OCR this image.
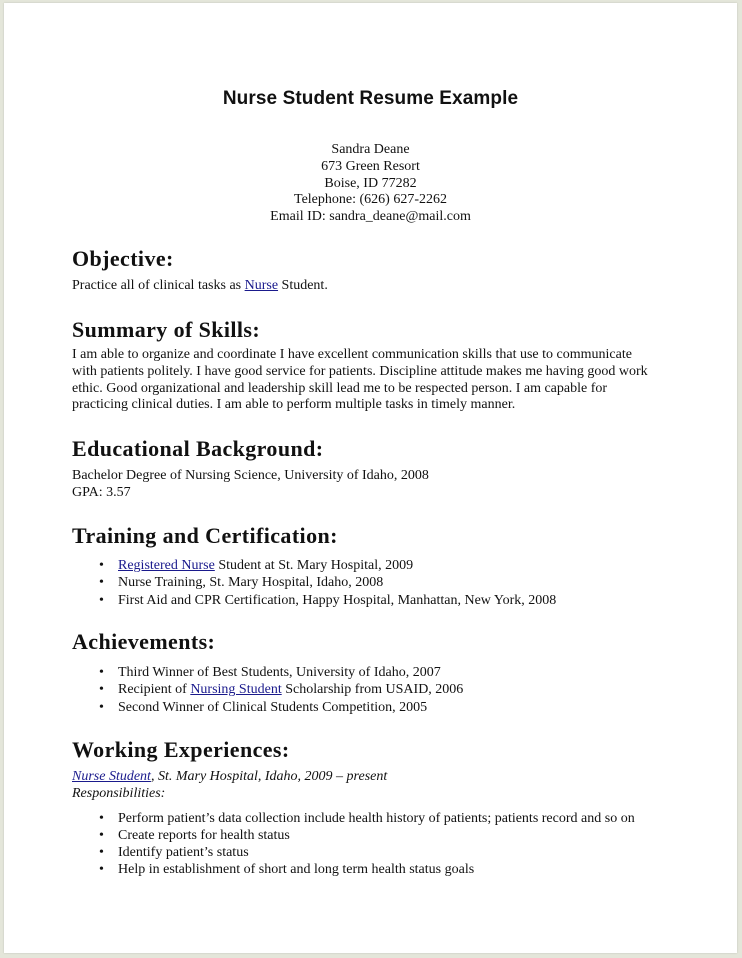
Nurse Student Resume Example
Sandra Deane
673 Green Resort
Boise, ID 77282
Telephone: (626) 627-2262
Email ID: sandra_deane@mail.com
Objective:
Practice all of clinical tasks as Nurse Student.
Summary of Skills:
I am able to organize and coordinate I have excellent communication skills that use to communicate
with patients politely. I have good service for patients. Discipline attitude makes me having good work
ethic. Good organizational and leadership skill lead me to be respected person. I am capable for
practicing clinical duties. I am able to perform multiple tasks in timely manner.
Educational Background:
Bachelor Degree of Nursing Science, University of Idaho, 2008
GPA: 3.57
Training and Certification:
• Registered Nurse Student at St. Mary Hospital, 2009
• Nurse Training, St. Mary Hospital, Idaho, 2008
• First Aid and CPR Certification, Happy Hospital, Manhattan, New York, 2008
Achievements:
• Third Winner of Best Students, University of Idaho, 2007
• Recipient of Nursing Student Scholarship from USAID, 2006
• Second Winner of Clinical Students Competition, 2005
Working Experiences:
Nurse Student, St. Mary Hospital, Idaho, 2009 – present
Responsibilities:
• Perform patient’s data collection include health history of patients; patients record and so on
• Create reports for health status
• Identify patient’s status
• Help in establishment of short and long term health status goals
